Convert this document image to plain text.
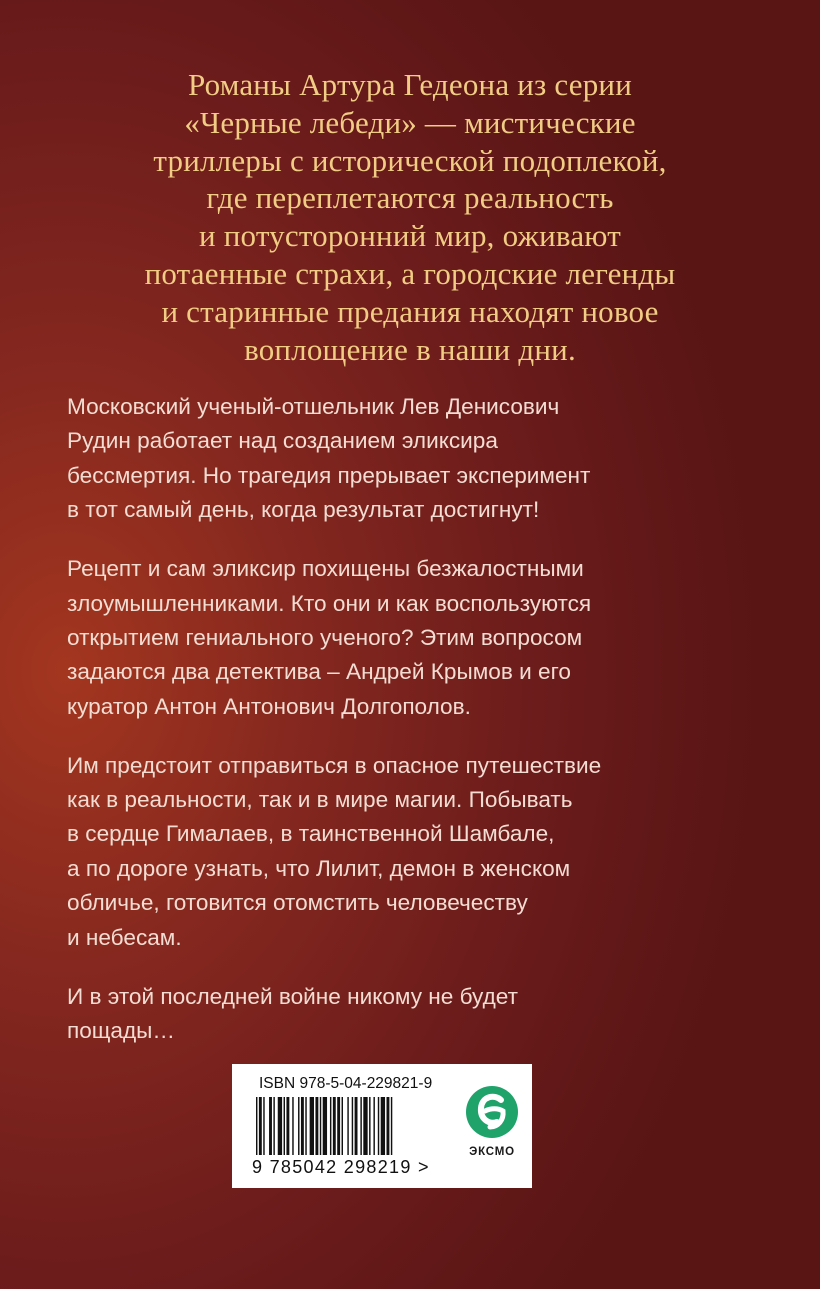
Романы Артура Гедеона из серии
«Черные лебеди» — мистические
триллеры с исторической подоплекой,
где переплетаются реальность
и потусторонний мир, оживают
потаенные страхи, а городские легенды
и старинные предания находят новое
воплощение в наши дни.

Московский ученый-отшельник Лев Денисович
Рудин работает над созданием эликсира
бессмертия. Но трагедия прерывает эксперимент
в тот самый день, когда результат достигнут!

Рецепт и сам эликсир похищены безжалостными
злоумышленниками. Кто они и как воспользуются
открытием гениального ученого? Этим вопросом
задаются два детектива – Андрей Крымов и его
куратор Антон Антонович Долгополов.

Им предстоит отправиться в опасное путешествие
как в реальности, так и в мире магии. Побывать
в сердце Гималаев, в таинственной Шамбале,
а по дороге узнать, что Лилит, демон в женском
обличье, готовится отомстить человечеству
и небесам.

И в этой последней войне никому не будет
пощады…

ISBN 978-5-04-229821-9
9 785042 298219 >
ЭКСМО
